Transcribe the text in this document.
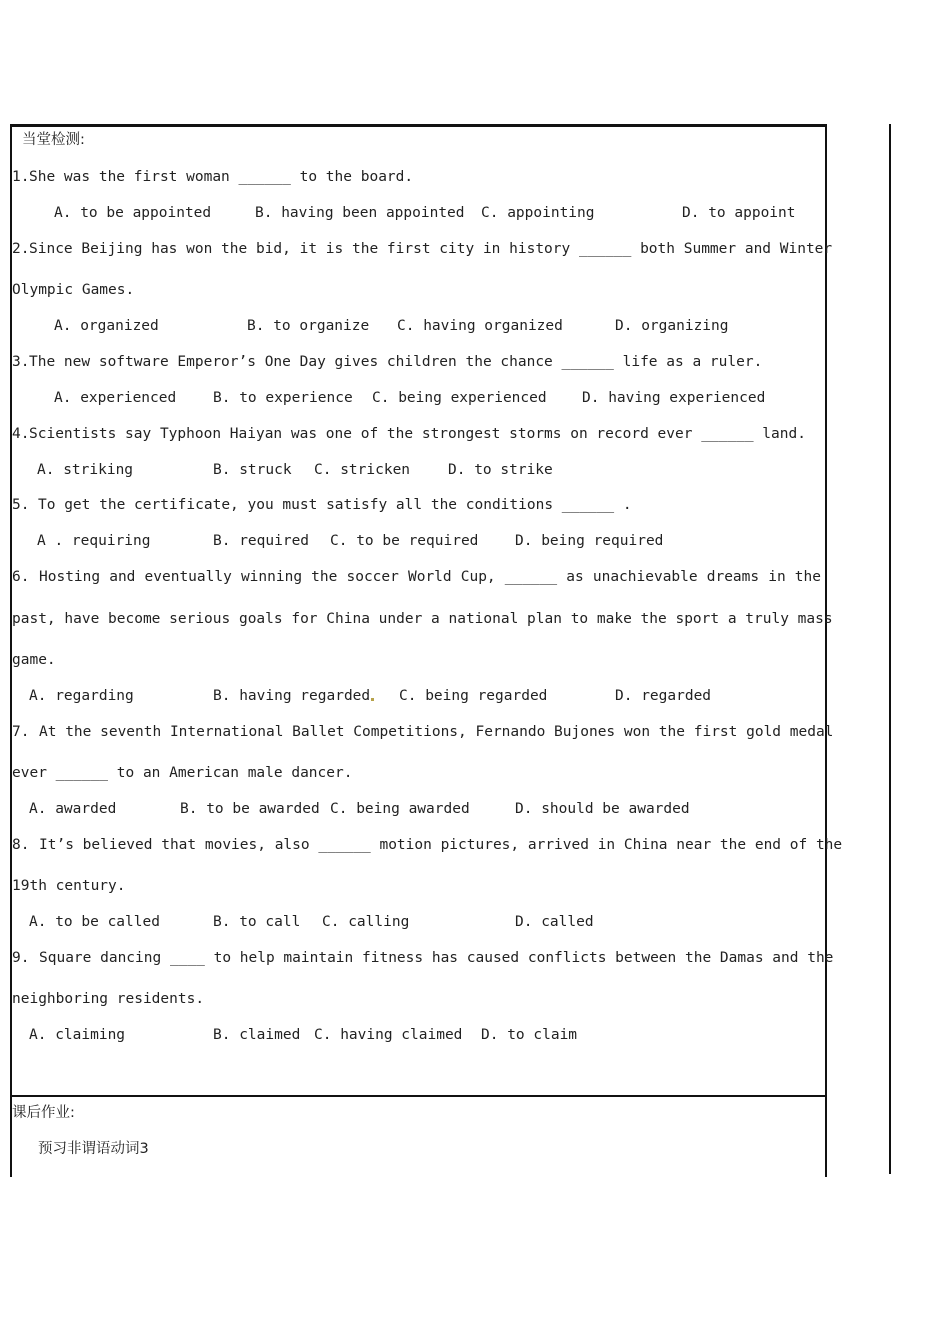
当堂检测:
1. She was the first woman ______ to the board.
A. to be appointed	B. having been appointed C. appointing	D. to appoint
2. Since Beijing has won the bid, it is the first city in history ______ both Summer and Winter
Olympic Games.
A. organized	B. to organize C. having organized	D. organizing
3. The new software Emperor’s One Day gives children the chance ______ life as a ruler.
A. experienced	B. to experience C. being experienced D. having experienced
4. Scientists say Typhoon Haiyan was one of the strongest storms on record ever ______ land.
A. striking	B. struck C. stricken	D. to strike
5. To get the certificate, you must satisfy all the conditions ______ .
A . requiring	B. required C. to be required	D. being required
6. Hosting and eventually winning the soccer World Cup, ______ as unachievable dreams in the
past, have become serious goals for China under a national plan to make the sport a truly mass
game.
A. regarding	B. having regarded C. being regarded	D. regarded
7. At the seventh International Ballet Competitions, Fernando Bujones won the first gold medal
ever ______ to an American male dancer.
A. awarded	B. to be awarded C. being awarded	D. should be awarded
8. It’s believed that movies, also ______ motion pictures, arrived in China near the end of the
19th century.
A. to be called	B. to call C. calling	D. called
9. Square dancing ____ to help maintain fitness has caused conflicts between the Damas and the
neighboring residents.
A. claiming	B. claimed C. having claimed D. to claim
课后作业:
预习非谓语动词3
